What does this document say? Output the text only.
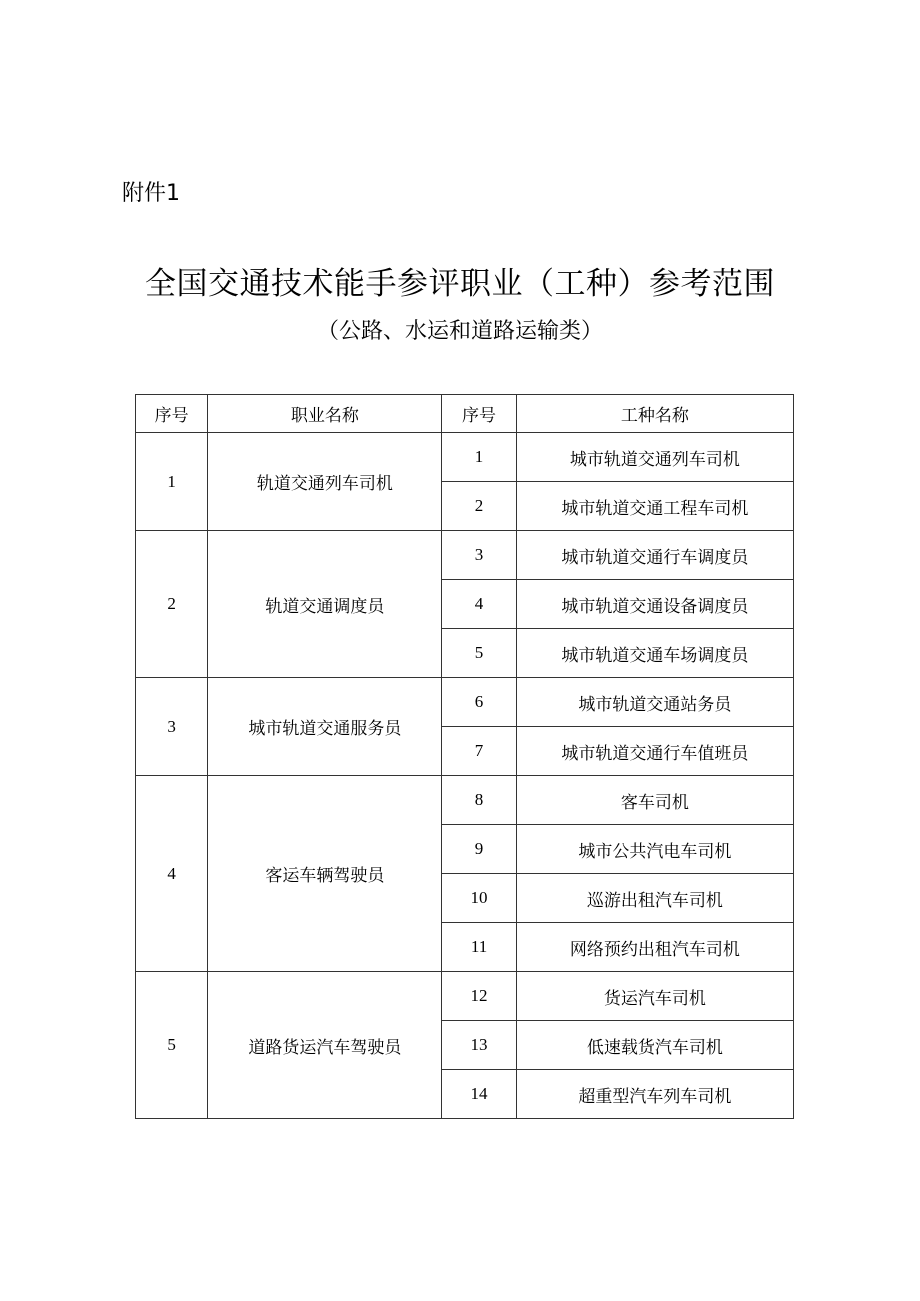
附件1
全国交通技术能手参评职业（工种）参考范围
（公路、水运和道路运输类）
序号	职业名称	序号	工种名称
1	轨道交通列车司机	1	城市轨道交通列车司机
		2	城市轨道交通工程车司机
2	轨道交通调度员	3	城市轨道交通行车调度员
		4	城市轨道交通设备调度员
		5	城市轨道交通车场调度员
3	城市轨道交通服务员	6	城市轨道交通站务员
		7	城市轨道交通行车值班员
4	客运车辆驾驶员	8	客车司机
		9	城市公共汽电车司机
		10	巡游出租汽车司机
		11	网络预约出租汽车司机
5	道路货运汽车驾驶员	12	货运汽车司机
		13	低速载货汽车司机
		14	超重型汽车列车司机
